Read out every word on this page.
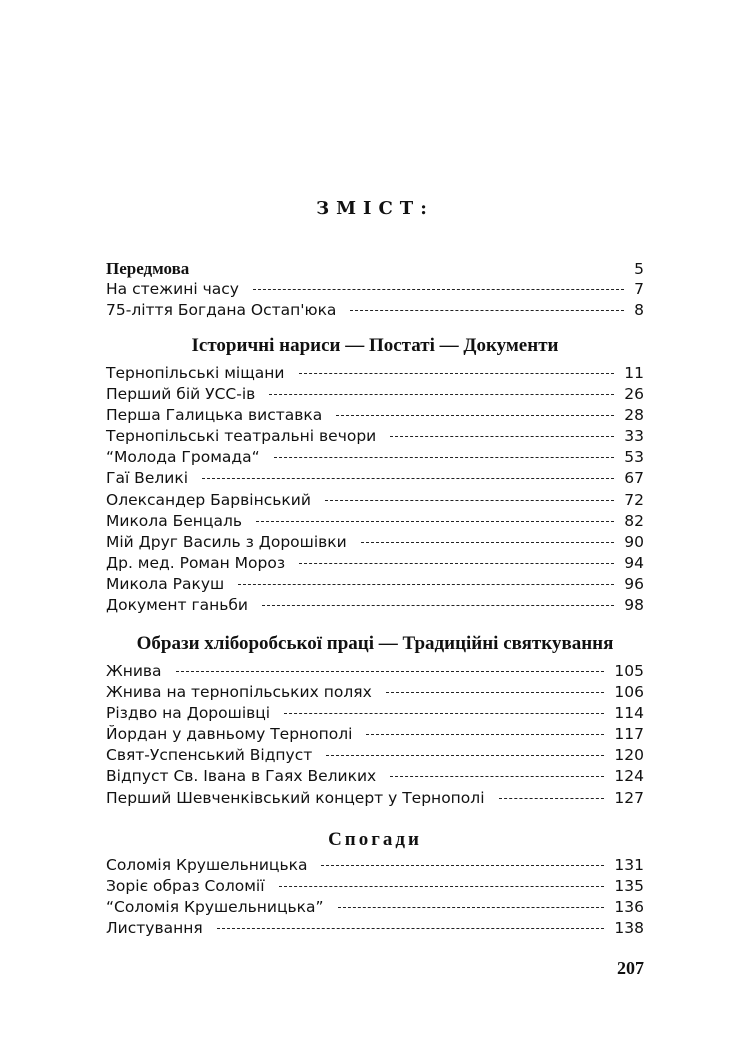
ЗМІСТ:
Передмова	5
На стежині часу	7
75-ліття Богдана Остап'юка	8
Історичні нариси — Постаті — Документи
Тернопільські міщани	11
Перший бій УСС-ів	26
Перша Галицька виставка	28
Тернопільські театральні вечори	33
“Молода Громада“	53
Гаї Великі	67
Олександер Барвінський	72
Микола Бенцаль	82
Мій Друг Василь з Дорошівки	90
Др. мед. Роман Мороз	94
Микола Ракуш	96
Документ ганьби	98
Образи хліборобської праці — Традиційні святкування
Жнива	105
Жнива на тернопільських полях	106
Різдво на Дорошівці	114
Йордан у давньому Тернополі	117
Свят-Успенський Відпуст	120
Відпуст Св. Івана в Гаях Великих	124
Перший Шевченківський концерт у Тернополі	127
Спогади
Соломія Крушельницька	131
Зоріє образ Соломії	135
“Соломія Крушельницька”	136
Листування	138
207
